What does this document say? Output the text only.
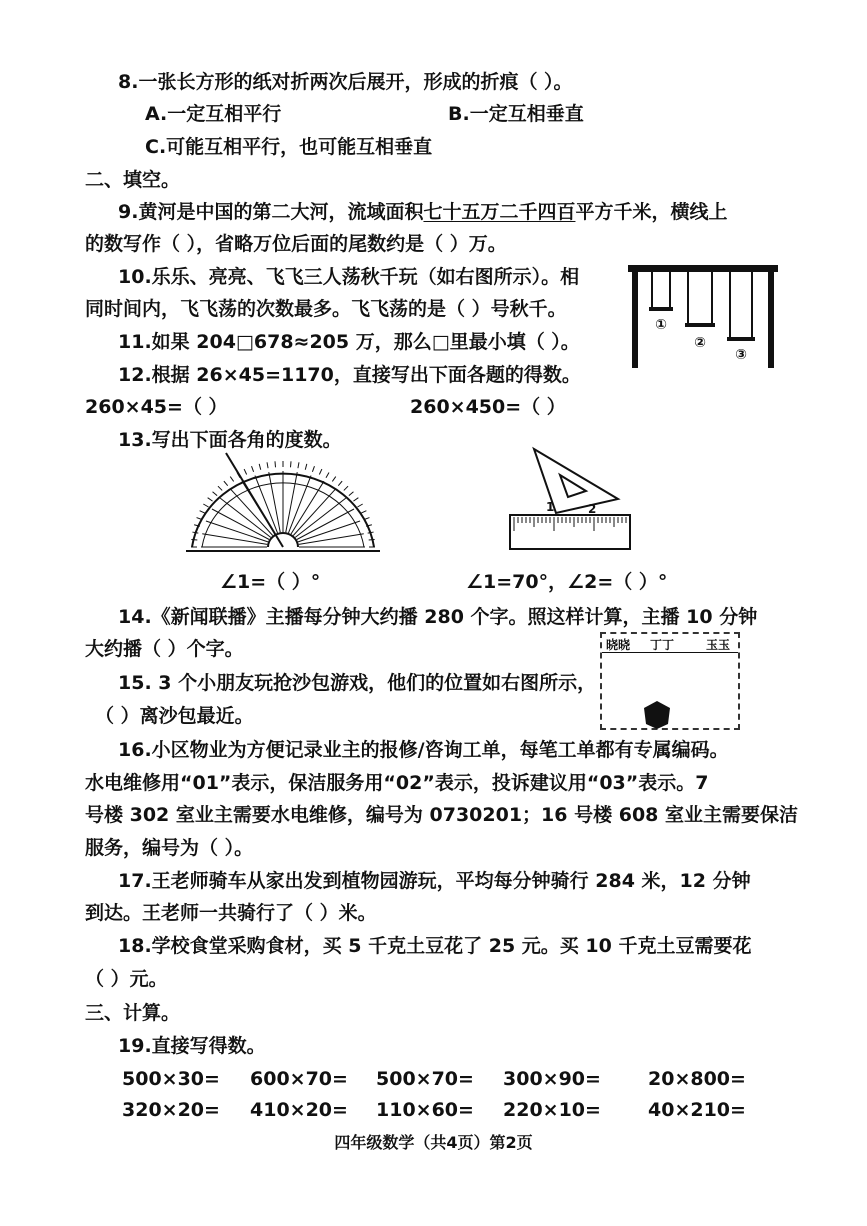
8.一张长方形的纸对折两次后展开，形成的折痕（ ）。
A.一定互相平行	B.一定互相垂直
C.可能互相平行，也可能互相垂直
二、填空。
9.黄河是中国的第二大河，流域面积七十五万二千四百平方千米，横线上
的数写作（ ），省略万位后面的尾数约是（ ）万。
10.乐乐、亮亮、飞飞三人荡秋千玩（如右图所示）。相
同时间内，飞飞荡的次数最多。飞飞荡的是（ ）号秋千。
①
②
③
11.如果 204□678≈205 万，那么□里最小填（ ）。
12.根据 26×45=1170，直接写出下面各题的得数。
260×45=（ ）	260×450=（ ）
13.写出下面各角的度数。
1	2
∠1=（ ）°	∠1=70°，∠2=（ ）°
14.《新闻联播》主播每分钟大约播 280 个字。照这样计算，主播 10 分钟
大约播（ ）个字。
15. 3 个小朋友玩抢沙包游戏，他们的位置如右图所示，
（ ）离沙包最近。
晓晓 丁丁	玉玉
16.小区物业为方便记录业主的报修/咨询工单，每笔工单都有专属编码。
水电维修用“01”表示，保洁服务用“02”表示，投诉建议用“03”表示。7
号楼 302 室业主需要水电维修，编号为 0730201；16 号楼 608 室业主需要保洁
服务，编号为（ ）。
17.王老师骑车从家出发到植物园游玩，平均每分钟骑行 284 米，12 分钟
到达。王老师一共骑行了（ ）米。
18.学校食堂采购食材，买 5 千克土豆花了 25 元。买 10 千克土豆需要花
（ ）元。
三、计算。
19.直接写得数。
500×30= 600×70= 500×70= 300×90= 20×800=
320×20= 410×20= 110×60= 220×10= 40×210=
四年级数学（共4页）第2页
